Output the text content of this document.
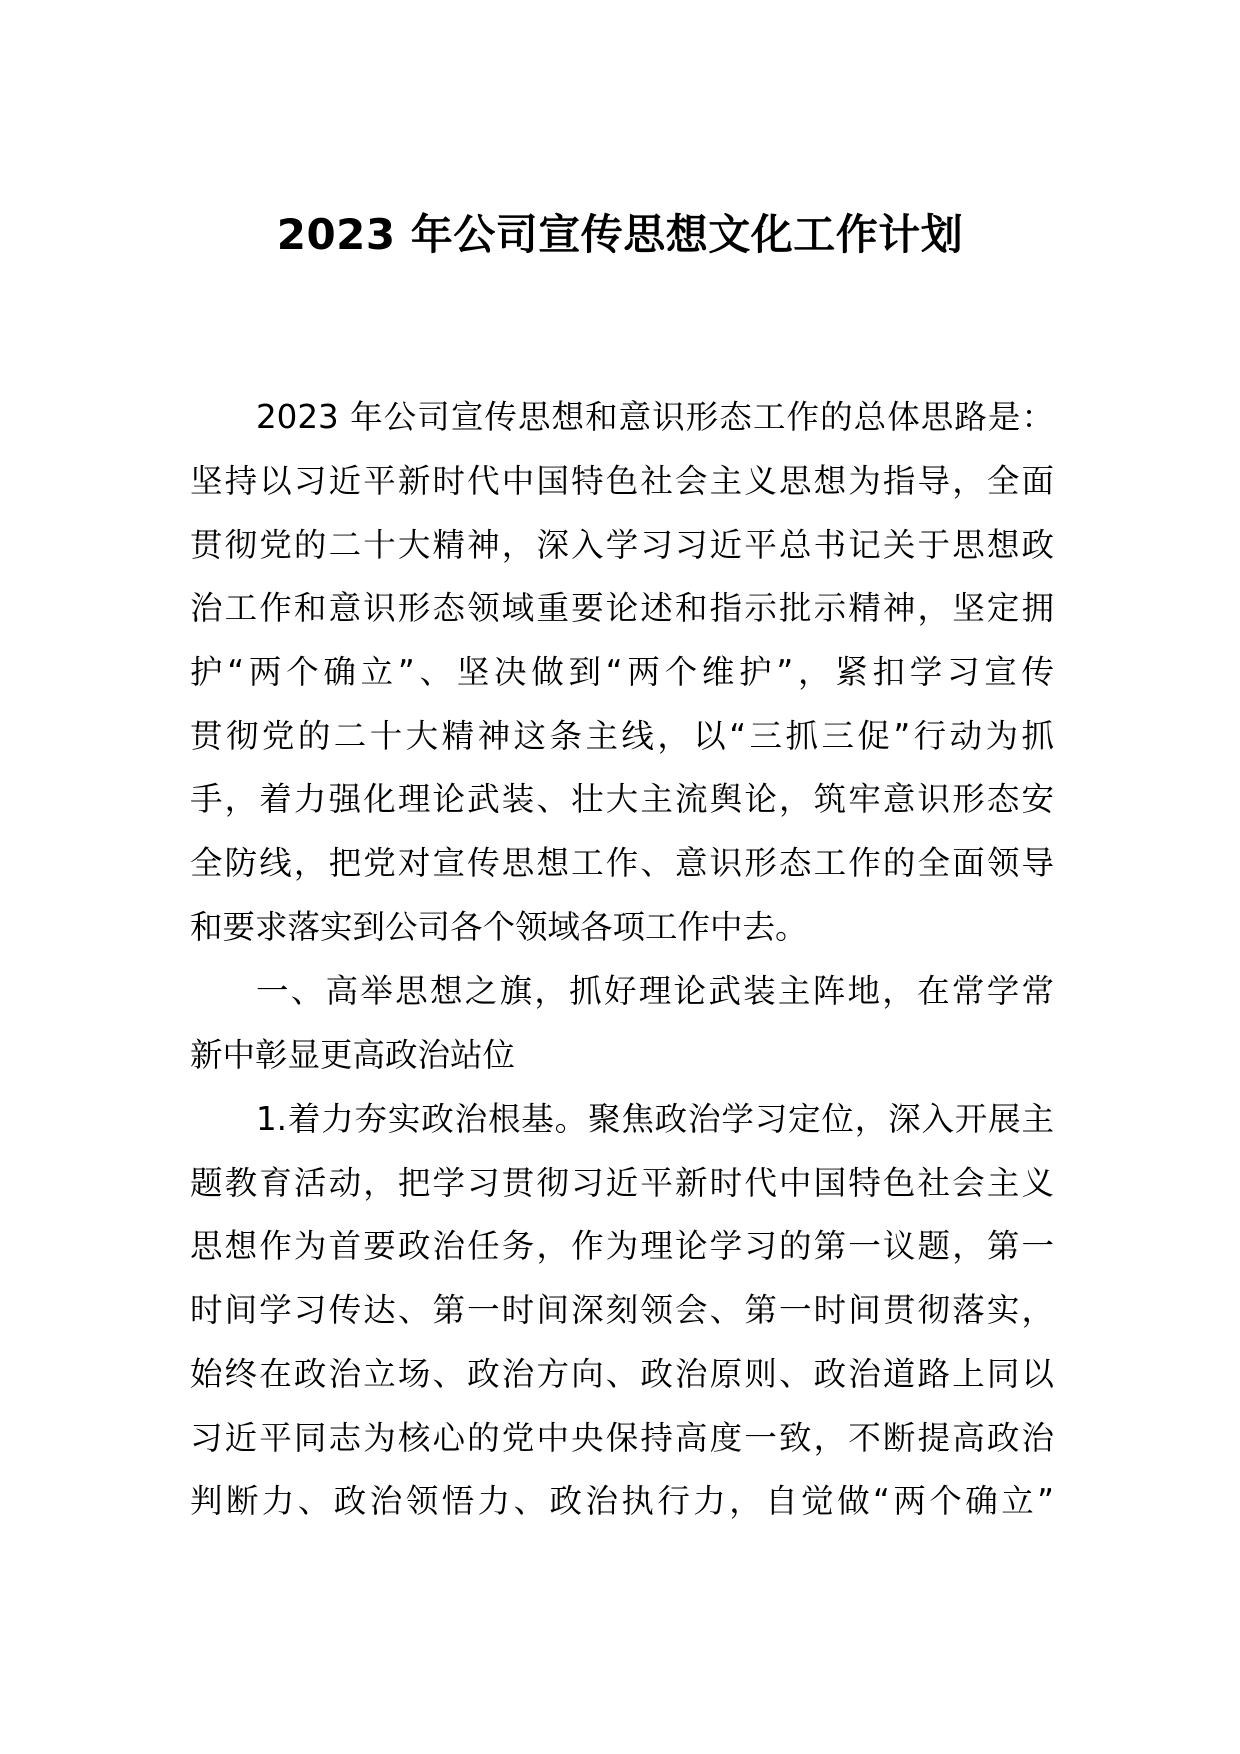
2023 年公司宣传思想文化工作计划
2023 年公司宣传思想和意识形态工作的总体思路是：
坚持以习近平新时代中国特色社会主义思想为指导，全面
贯彻党的二十大精神，深入学习习近平总书记关于思想政
治工作和意识形态领域重要论述和指示批示精神，坚定拥
护“两个确立”、坚决做到“两个维护”，紧扣学习宣传
贯彻党的二十大精神这条主线，以“三抓三促”行动为抓
手，着力强化理论武装、壮大主流舆论，筑牢意识形态安
全防线，把党对宣传思想工作、意识形态工作的全面领导
和要求落实到公司各个领域各项工作中去。
一、高举思想之旗，抓好理论武装主阵地，在常学常
新中彰显更高政治站位
1.着力夯实政治根基。聚焦政治学习定位，深入开展主
题教育活动，把学习贯彻习近平新时代中国特色社会主义
思想作为首要政治任务，作为理论学习的第一议题，第一
时间学习传达、第一时间深刻领会、第一时间贯彻落实，
始终在政治立场、政治方向、政治原则、政治道路上同以
习近平同志为核心的党中央保持高度一致，不断提高政治
判断力、政治领悟力、政治执行力，自觉做“两个确立”
